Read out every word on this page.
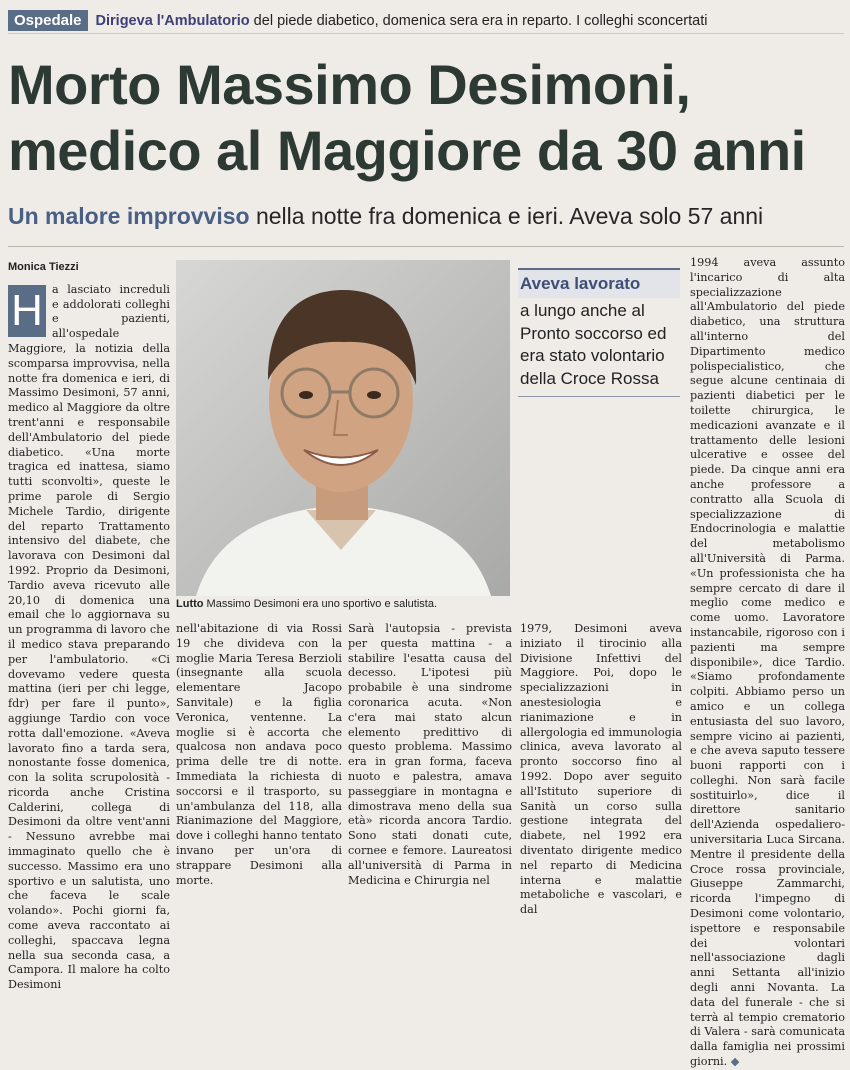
Ospedale Dirigeva l'Ambulatorio del piede diabetico, domenica sera era in reparto. I colleghi sconcertati
Morto Massimo Desimoni,
medico al Maggiore da 30 anni
Un malore improvviso nella notte fra domenica e ieri. Aveva solo 57 anni
Monica Tiezzi
H a lasciato increduli e addolorati colleghi e pazienti, all'ospedale Maggiore, la notizia della scomparsa improvvisa, nella notte fra domenica e ieri, di Massimo Desimoni, 57 anni, medico al Maggiore da oltre trent'anni e responsabile dell'Ambulatorio del piede diabetico. «Una morte tragica ed inattesa, siamo tutti sconvolti», queste le prime parole di Sergio Michele Tardio, dirigente del reparto Trattamento intensivo del diabete, che lavorava con Desimoni dal 1992. Proprio da Desimoni, Tardio aveva ricevuto alle 20,10 di domenica una email che lo aggiornava su un programma di lavoro che il medico stava preparando per l'ambulatorio. «Ci dovevamo vedere questa mattina (ieri per chi legge, fdr) per fare il punto», aggiunge Tardio con voce rotta dall'emozione. «Aveva lavorato fino a tarda sera, nonostante fosse domenica, con la solita scrupolosità - ricorda anche Cristina Calderini, collega di Desimoni da oltre vent'anni - Nessuno avrebbe mai immaginato quello che è successo. Massimo era uno sportivo e un salutista, uno che faceva le scale volando». Pochi giorni fa, come aveva raccontato ai colleghi, spaccava legna nella sua seconda casa, a Campora. Il malore ha colto Desimoni
Lutto Massimo Desimoni era uno sportivo e salutista.
nell'abitazione di via Rossi 19 che divideva con la moglie Maria Teresa Berzioli (insegnante alla scuola elementare Jacopo Sanvitale) e la figlia Veronica, ventenne. La moglie si è accorta che qualcosa non andava poco prima delle tre di notte. Immediata la richiesta di soccorsi e il trasporto, su un'ambulanza del 118, alla Rianimazione del Maggiore, dove i colleghi hanno tentato invano per un'ora di strappare Desimoni alla morte.
Sarà l'autopsia - prevista per questa mattina - a stabilire l'esatta causa del decesso. L'ipotesi più probabile è una sindrome coronarica acuta. «Non c'era mai stato alcun elemento predittivo di questo problema. Massimo era in gran forma, faceva nuoto e palestra, amava passeggiare in montagna e dimostrava meno della sua età» ricorda ancora Tardio. Sono stati donati cute, cornee e femore. Laureatosi all'università di Parma in Medicina e Chirurgia nel
Aveva lavorato
a lungo anche al Pronto soccorso ed era stato volontario della Croce Rossa
1979, Desimoni aveva iniziato il tirocinio alla Divisione Infettivi del Maggiore. Poi, dopo le specializzazioni in anestesiologia e rianimazione e in allergologia ed immunologia clinica, aveva lavorato al pronto soccorso fino al 1992. Dopo aver seguito all'Istituto superiore di Sanità un corso sulla gestione integrata del diabete, nel 1992 era diventato dirigente medico nel reparto di Medicina interna e malattie metaboliche e vascolari, e dal
1994 aveva assunto l'incarico di alta specializzazione all'Ambulatorio del piede diabetico, una struttura all'interno del Dipartimento medico polispecialistico, che segue alcune centinaia di pazienti diabetici per le toilette chirurgica, le medicazioni avanzate e il trattamento delle lesioni ulcerative e ossee del piede. Da cinque anni era anche professore a contratto alla Scuola di specializzazione di Endocrinologia e malattie del metabolismo all'Università di Parma. «Un professionista che ha sempre cercato di dare il meglio come medico e come uomo. Lavoratore instancabile, rigoroso con i pazienti ma sempre disponibile», dice Tardio. «Siamo profondamente colpiti. Abbiamo perso un amico e un collega entusiasta del suo lavoro, sempre vicino ai pazienti, e che aveva saputo tessere buoni rapporti con i colleghi. Non sarà facile sostituirlo», dice il direttore sanitario dell'Azienda ospedaliero-universitaria Luca Sircana. Mentre il presidente della Croce rossa provinciale, Giuseppe Zammarchi, ricorda l'impegno di Desimoni come volontario, ispettore e responsabile dei volontari nell'associazione dagli anni Settanta all'inizio degli anni Novanta. La data del funerale - che si terrà al tempio crematorio di Valera - sarà comunicata dalla famiglia nei prossimi giorni. ◆
